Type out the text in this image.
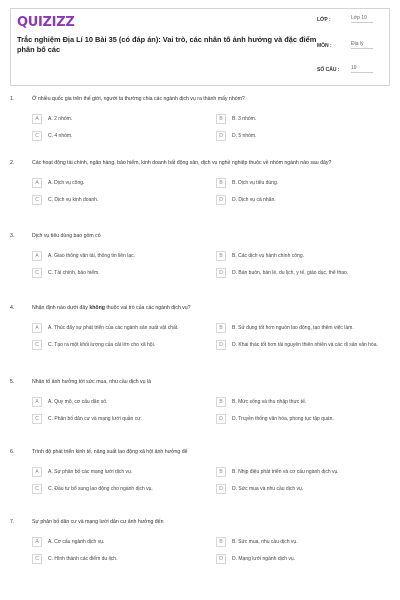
QUIZIZZ
Trắc nghiệm Địa Lí 10 Bài 35 (có đáp án): Vai trò, các nhân tố ảnh hưởng và đặc điểm phân bố các
LỚP :	Lớp 10
MÔN :	Địa lý
SỐ CÂU : 19
1.	Ở nhiều quốc gia trên thế giới, người ta thường chia các ngành dịch vụ ra thành mấy nhóm?
A	A. 2 nhóm.	B	B. 3 nhóm.
C	C. 4 nhóm.	D	D. 5 nhóm.
2.	Các hoạt động tài chính, ngân hàng, bảo hiểm, kinh doanh bất động sản, dịch vụ nghề nghiệp thuộc về nhóm ngành nào sau đây?
A	A. Dịch vụ công.	B	B. Dịch vụ tiêu dùng.
C	C. Dịch vụ kinh doanh.	D	D. Dịch vụ cá nhân.
3.	Dịch vụ tiêu dùng bao gồm có
A	A. Giao thông vận tải, thông tin liên lạc.	B	B. Các dịch vụ hành chính công.
C	C. Tài chính, bảo hiểm.	D	D. Bán buôn, bán lẻ, du lịch, y tế, giáo dục, thể thao.
4.	Nhận định nào dưới đây không thuộc vai trò của các ngành dịch vụ?
A	A. Thúc đẩy sự phát triển của các ngành sản xuất vật chất.	B	B. Sử dụng tốt hơn nguồn lao động, tạo thêm việc làm.
C	C. Tạo ra một khối lượng của cải lớn cho xã hội.	D	D. Khai thác tốt hơn tài nguyên thiên nhiên và các di sản văn hóa.
5.	Nhân tố ảnh hưởng tới sức mua, nhu cầu dịch vụ là
A	A. Quy mô, cơ cấu dân số.	B	B. Mức sống và thu nhập thực tế.
C	C. Phân bố dân cư và mạng lưới quần cư.	D	D. Truyền thống văn hóa, phong tục tập quán.
6.	Trình độ phát triển kinh tế, năng suất lao động xã hội ảnh hưởng đế
A	A. Sự phân bố các mạng lưới dịch vụ.	B	B. Nhịp điệu phát triển và cơ cấu ngành dịch vụ.
C	C. Đầu tư bổ sung lao động cho ngành dịch vụ.	D	D. Sức mua và nhu cầu dịch vụ.
7.	Sự phân bố dân cư và mạng lưới dân cư ảnh hưởng đến
A	A. Cơ cấu ngành dịch vụ.	B	B. Sức mua, nhu cầu dịch vụ.
C	C. Hình thành các điểm du lịch.	D	D. Mạng lưới ngành dịch vụ.
